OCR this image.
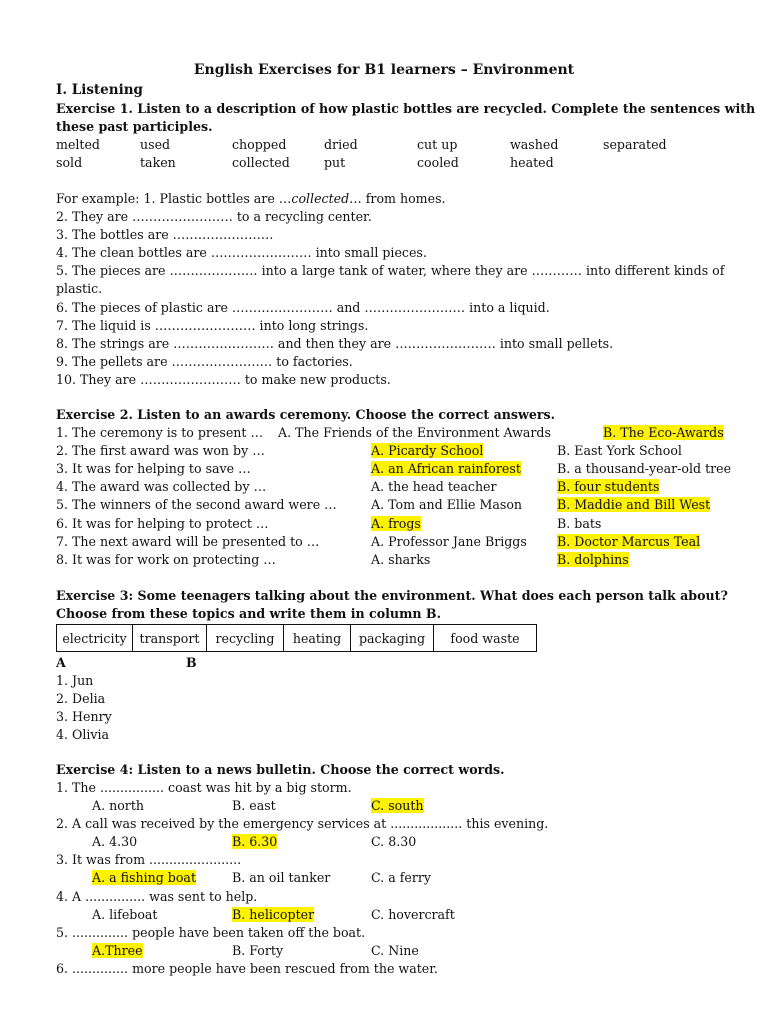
English Exercises for B1 learners – Environment
I. Listening
Exercise 1. Listen to a description of how plastic bottles are recycled. Complete the sentences with
these past participles.
melted	used	chopped	dried	cut up	washed	separated
sold	taken	collected	put	cooled	heated
For example: 1. Plastic bottles are …collected… from homes.
2. They are …………………… to a recycling center.
3. The bottles are ……………………
4. The clean bottles are …………………… into small pieces.
5. The pieces are ………………… into a large tank of water, where they are ………… into different kinds of
plastic.
6. The pieces of plastic are …………………… and …………………… into a liquid.
7. The liquid is …………………… into long strings.
8. The strings are …………………… and then they are …………………… into small pellets.
9. The pellets are …………………… to factories.
10. They are …………………… to make new products.
Exercise 2. Listen to an awards ceremony. Choose the correct answers.
1. The ceremony is to present … A. The Friends of the Environment Awards	B. The Eco-Awards
2. The first award was won by …	A. Picardy School	B. East York School
3. It was for helping to save …	A. an African rainforest	B. a thousand-year-old tree
4. The award was collected by …	A. the head teacher	B. four students
5. The winners of the second award were …	A. Tom and Ellie Mason	B. Maddie and Bill West
6. It was for helping to protect …	A. frogs	B. bats
7. The next award will be presented to …	A. Professor Jane Briggs B. Doctor Marcus Teal
8. It was for work on protecting …	A. sharks	B. dolphins
Exercise 3: Some teenagers talking about the environment. What does each person talk about?
Choose from these topics and write them in column B.
electricity	transport	recycling	heating	packaging	food waste
A	B
1. Jun
2. Delia
3. Henry
4. Olivia
Exercise 4: Listen to a news bulletin. Choose the correct words.
1. The ................ coast was hit by a big storm.
A. north	B. east	C. south
2. A call was received by the emergency services at .................. this evening.
A. 4.30	B. 6.30	C. 8.30
3. It was from .......................
A. a fishing boat	B. an oil tanker	C. a ferry
4. A ............... was sent to help.
A. lifeboat	B. helicopter	C. hovercraft
5. .............. people have been taken off the boat.
A.Three	B. Forty	C. Nine
6. .............. more people have been rescued from the water.
